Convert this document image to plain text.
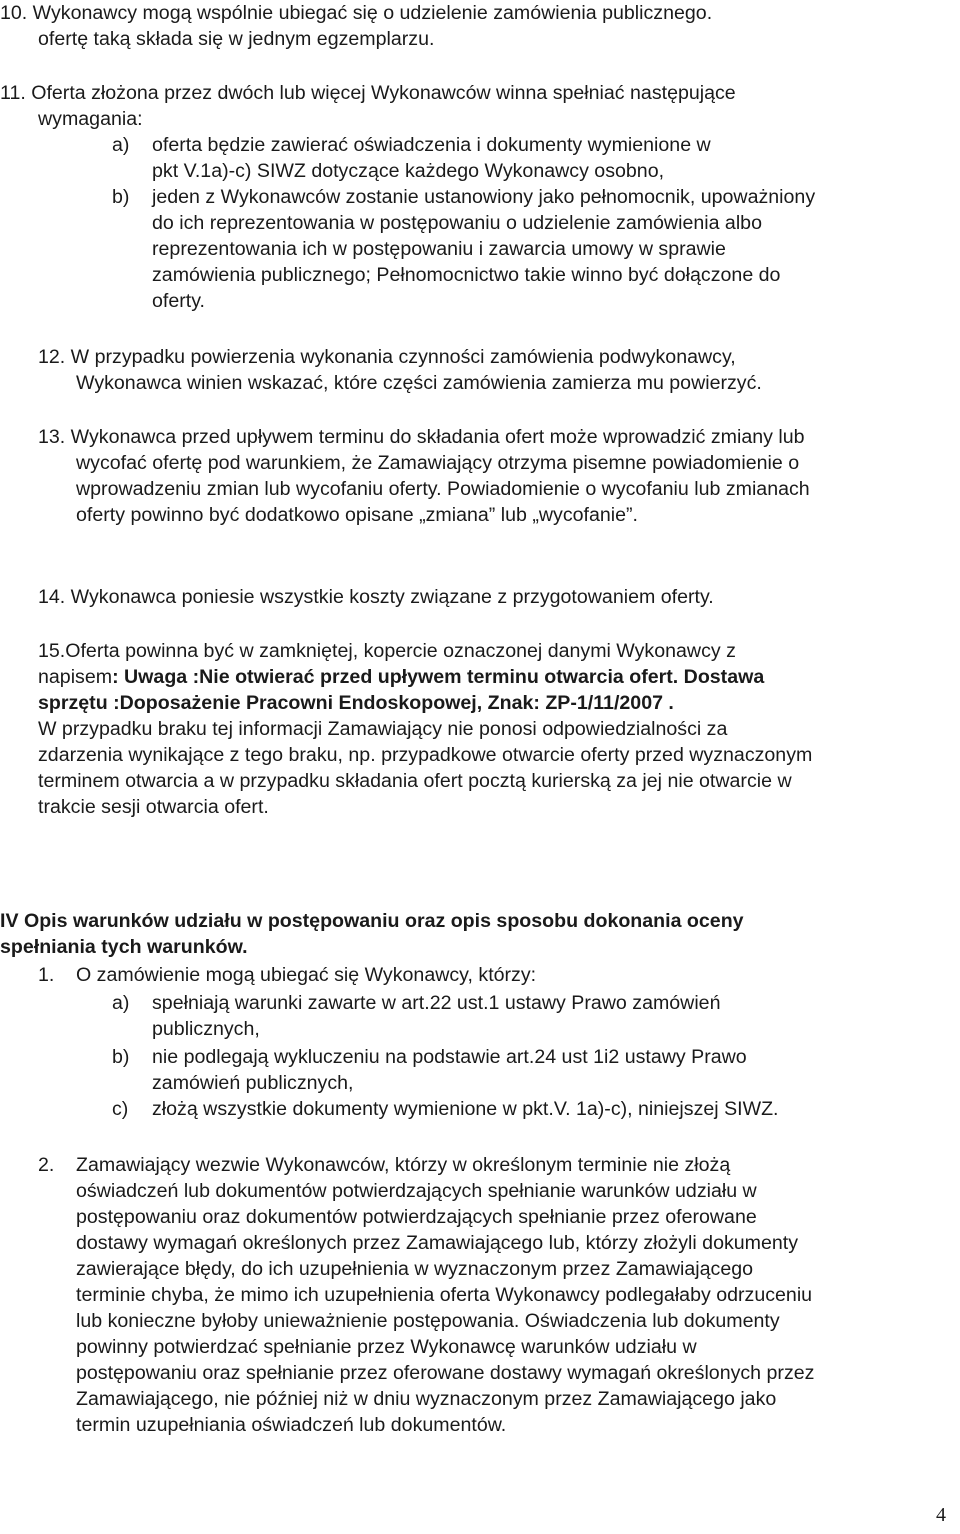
10. Wykonawcy mogą wspólnie ubiegać się o udzielenie zamówienia publicznego.
ofertę taką składa się w jednym egzemplarzu.
11. Oferta złożona przez dwóch lub więcej Wykonawców winna spełniać następujące
wymagania:
a) oferta będzie zawierać oświadczenia i dokumenty wymienione w
pkt V.1a)-c) SIWZ dotyczące każdego Wykonawcy osobno,
b) jeden z Wykonawców zostanie ustanowiony jako pełnomocnik, upoważniony
do ich reprezentowania w postępowaniu o udzielenie zamówienia albo
reprezentowania ich w postępowaniu i zawarcia umowy w sprawie
zamówienia publicznego; Pełnomocnictwo takie winno być dołączone do
oferty.
12. W przypadku powierzenia wykonania czynności zamówienia podwykonawcy,
Wykonawca winien wskazać, które części zamówienia zamierza mu powierzyć.
13. Wykonawca przed upływem terminu do składania ofert może wprowadzić zmiany lub
wycofać ofertę pod warunkiem, że Zamawiający otrzyma pisemne powiadomienie o
wprowadzeniu zmian lub wycofaniu oferty. Powiadomienie o wycofaniu lub zmianach
oferty powinno być dodatkowo opisane „zmiana” lub „wycofanie”.
14. Wykonawca poniesie wszystkie koszty związane z przygotowaniem oferty.
15.Oferta powinna być w zamkniętej, kopercie oznaczonej danymi Wykonawcy z
napisem: Uwaga :Nie otwierać przed upływem terminu otwarcia ofert. Dostawa
sprzętu :Doposażenie Pracowni Endoskopowej, Znak: ZP-1/11/2007 .
W przypadku braku tej informacji Zamawiający nie ponosi odpowiedzialności za
zdarzenia wynikające z tego braku, np. przypadkowe otwarcie oferty przed wyznaczonym
terminem otwarcia a w przypadku składania ofert pocztą kurierską za jej nie otwarcie w
trakcie sesji otwarcia ofert.
IV Opis warunków udziału w postępowaniu oraz opis sposobu dokonania oceny
spełniania tych warunków.
1. O zamówienie mogą ubiegać się Wykonawcy, którzy:
a) spełniają warunki zawarte w art.22 ust.1 ustawy Prawo zamówień
publicznych,
b) nie podlegają wykluczeniu na podstawie art.24 ust 1i2 ustawy Prawo
zamówień publicznych,
c) złożą wszystkie dokumenty wymienione w pkt.V. 1a)-c), niniejszej SIWZ.
2. Zamawiający wezwie Wykonawców, którzy w określonym terminie nie złożą
oświadczeń lub dokumentów potwierdzających spełnianie warunków udziału w
postępowaniu oraz dokumentów potwierdzających spełnianie przez oferowane
dostawy wymagań określonych przez Zamawiającego lub, którzy złożyli dokumenty
zawierające błędy, do ich uzupełnienia w wyznaczonym przez Zamawiającego
terminie chyba, że mimo ich uzupełnienia oferta Wykonawcy podlegałaby odrzuceniu
lub konieczne byłoby unieważnienie postępowania. Oświadczenia lub dokumenty
powinny potwierdzać spełnianie przez Wykonawcę warunków udziału w
postępowaniu oraz spełnianie przez oferowane dostawy wymagań określonych przez
Zamawiającego, nie później niż w dniu wyznaczonym przez Zamawiającego jako
termin uzupełniania oświadczeń lub dokumentów.
4
